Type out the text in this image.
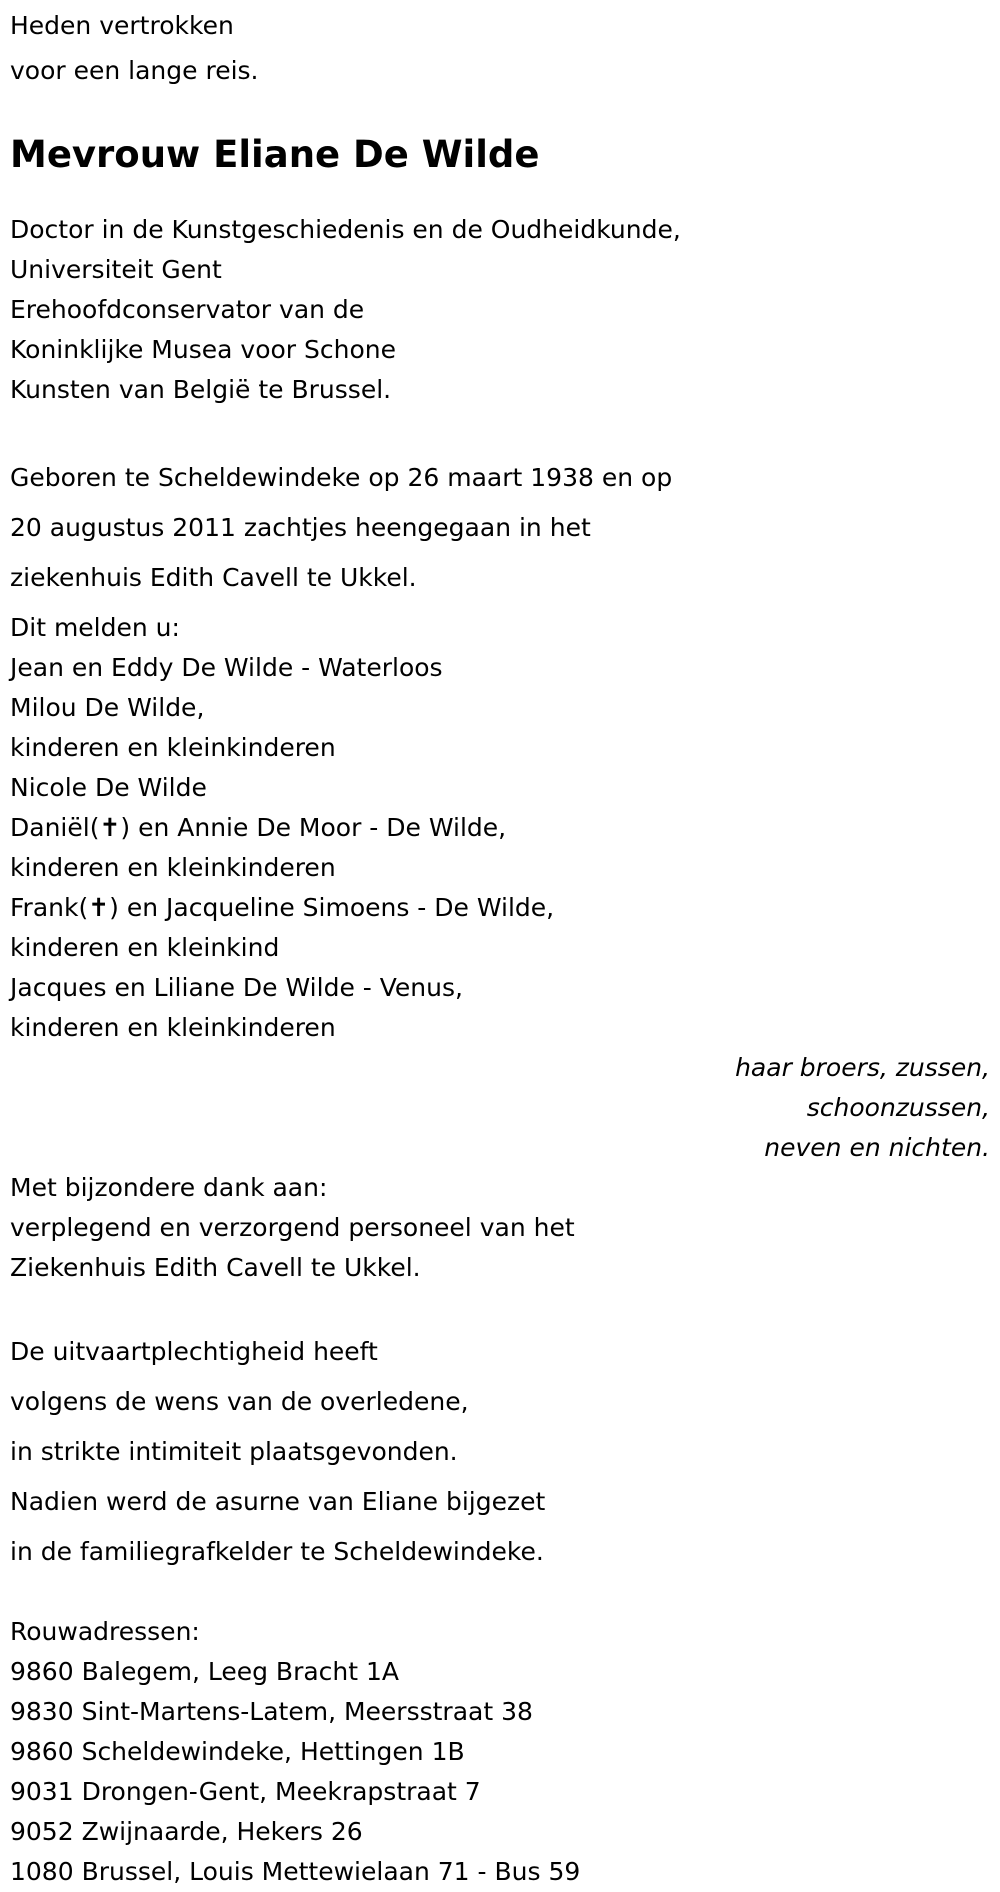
Heden vertrokken
voor een lange reis.
Mevrouw Eliane De Wilde
Doctor in de Kunstgeschiedenis en de Oudheidkunde,
Universiteit Gent
Erehoofdconservator van de
Koninklijke Musea voor Schone
Kunsten van België te Brussel.
Geboren te Scheldewindeke op 26 maart 1938 en op
20 augustus 2011 zachtjes heengegaan in het
ziekenhuis Edith Cavell te Ukkel.
Dit melden u:
Jean en Eddy De Wilde - Waterloos
Milou De Wilde,
kinderen en kleinkinderen
Nicole De Wilde
Daniël(✝) en Annie De Moor - De Wilde,
kinderen en kleinkinderen
Frank(✝) en Jacqueline Simoens - De Wilde,
kinderen en kleinkind
Jacques en Liliane De Wilde - Venus,
kinderen en kleinkinderen
haar broers, zussen,
schoonzussen,
neven en nichten.
Met bijzondere dank aan:
verplegend en verzorgend personeel van het
Ziekenhuis Edith Cavell te Ukkel.
De uitvaartplechtigheid heeft
volgens de wens van de overledene,
in strikte intimiteit plaatsgevonden.
Nadien werd de asurne van Eliane bijgezet
in de familiegrafkelder te Scheldewindeke.
Rouwadressen:
9860 Balegem, Leeg Bracht 1A
9830 Sint-Martens-Latem, Meersstraat 38
9860 Scheldewindeke, Hettingen 1B
9031 Drongen-Gent, Meekrapstraat 7
9052 Zwijnaarde, Hekers 26
1080 Brussel, Louis Mettewielaan 71 - Bus 59
